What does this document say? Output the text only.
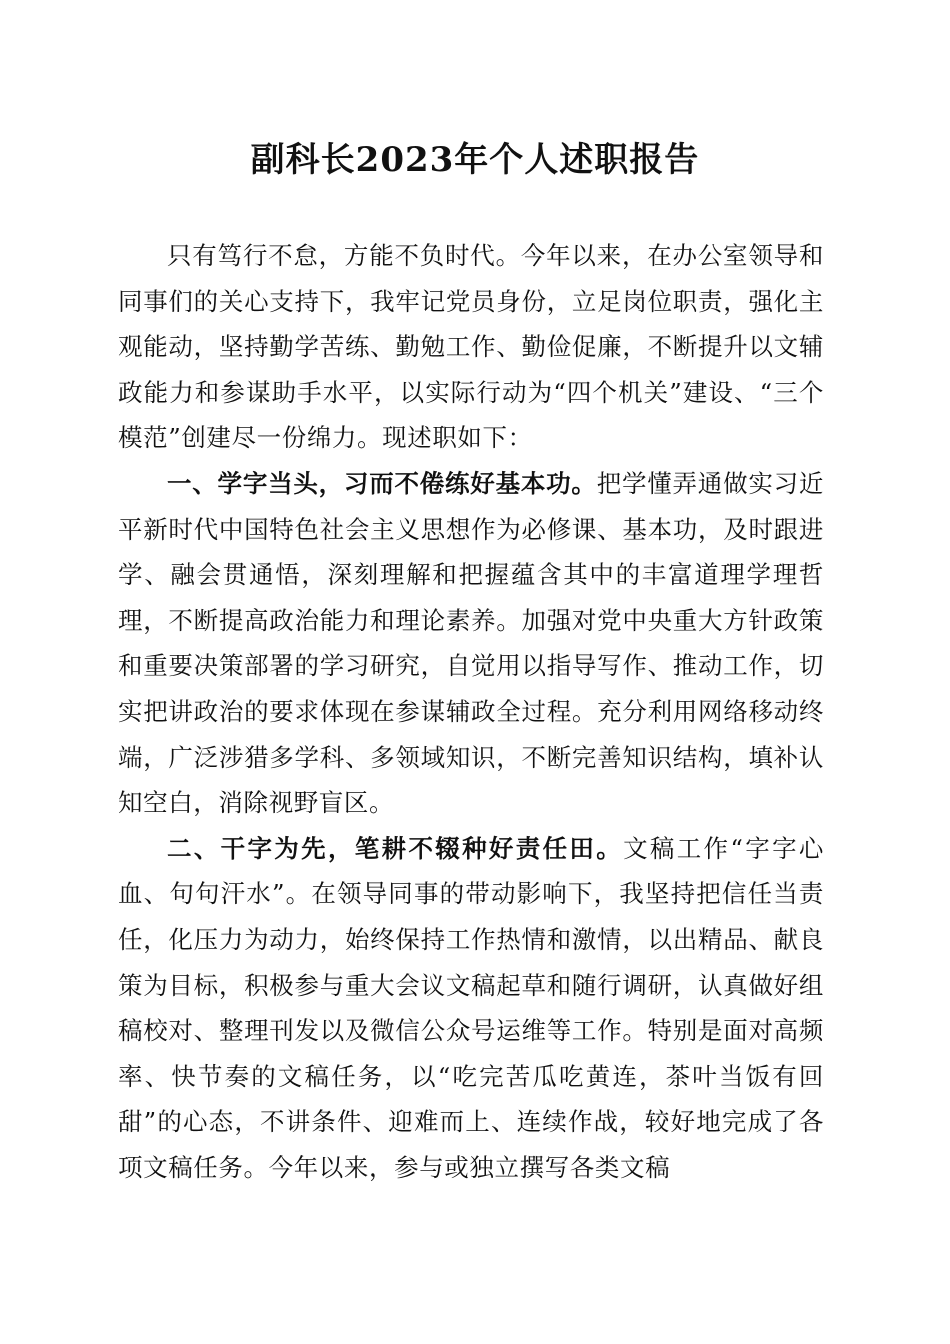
副科长2023年个人述职报告

只有笃行不怠，方能不负时代。今年以来，在办公室领导和同事们的关心支持下，我牢记党员身份，立足岗位职责，强化主观能动，坚持勤学苦练、勤勉工作、勤俭促廉，不断提升以文辅政能力和参谋助手水平，以实际行动为“四个机关”建设、“三个模范”创建尽一份绵力。现述职如下：

一、学字当头，习而不倦练好基本功。把学懂弄通做实习近平新时代中国特色社会主义思想作为必修课、基本功，及时跟进学、融会贯通悟，深刻理解和把握蕴含其中的丰富道理学理哲理，不断提高政治能力和理论素养。加强对党中央重大方针政策和重要决策部署的学习研究，自觉用以指导写作、推动工作，切实把讲政治的要求体现在参谋辅政全过程。充分利用网络移动终端，广泛涉猎多学科、多领域知识，不断完善知识结构，填补认知空白，消除视野盲区。

二、干字为先，笔耕不辍种好责任田。文稿工作“字字心血、句句汗水”。在领导同事的带动影响下，我坚持把信任当责任，化压力为动力，始终保持工作热情和激情，以出精品、献良策为目标，积极参与重大会议文稿起草和随行调研，认真做好组稿校对、整理刊发以及微信公众号运维等工作。特别是面对高频率、快节奏的文稿任务，以“吃完苦瓜吃黄连，茶叶当饭有回甜”的心态，不讲条件、迎难而上、连续作战，较好地完成了各项文稿任务。今年以来，参与或独立撰写各类文稿
